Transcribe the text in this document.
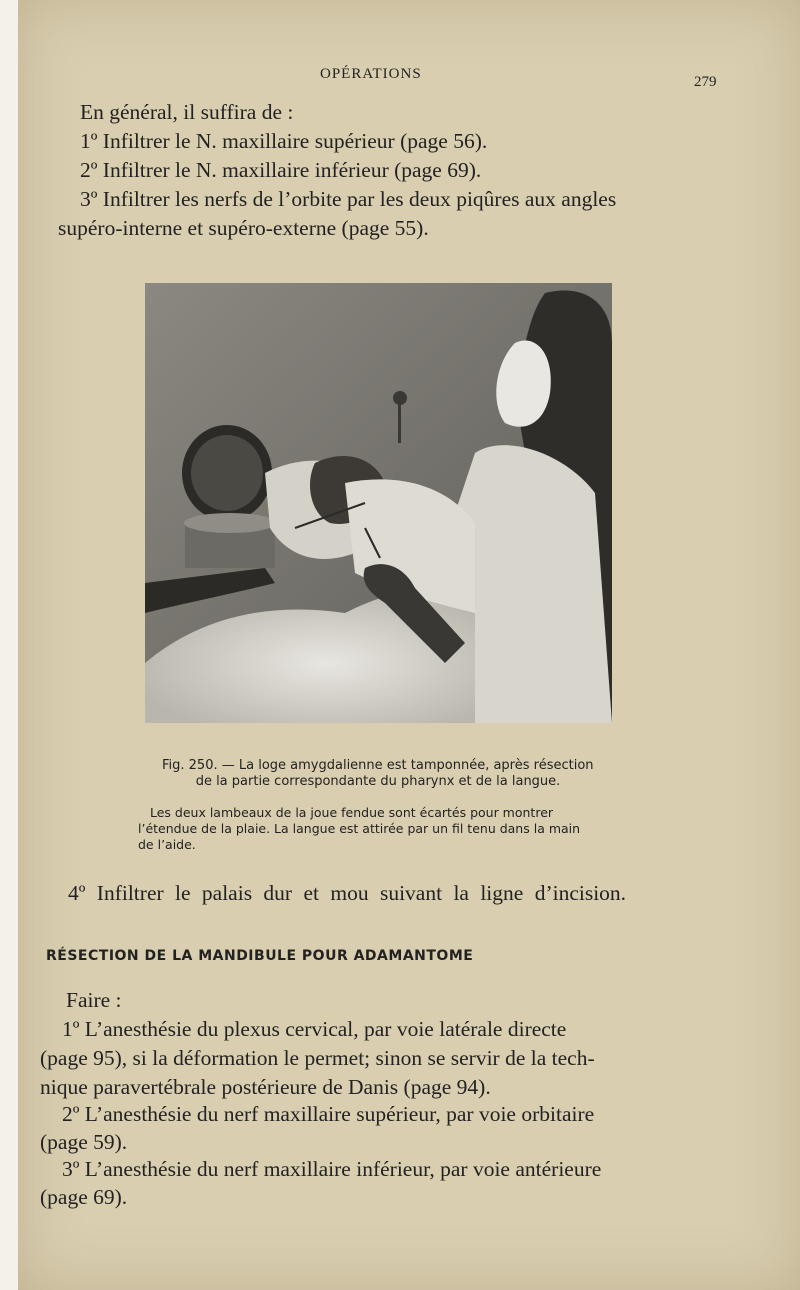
OPÉRATIONS	279
En général, il suffira de :
1º Infiltrer le N. maxillaire supérieur (page 56).
2º Infiltrer le N. maxillaire inférieur (page 69).
3º Infiltrer les nerfs de l’orbite par les deux piqûres aux angles
supéro-interne et supéro-externe (page 55).
Fig. 250. — La loge amygdalienne est tamponnée, après résection
de la partie correspondante du pharynx et de la langue.
Les deux lambeaux de la joue fendue sont écartés pour montrer
l’étendue de la plaie. La langue est attirée par un fil tenu dans la main
de l’aide.
4º Infiltrer le palais dur et mou suivant la ligne d’incision.
RÉSECTION DE LA MANDIBULE POUR ADAMANTOME
Faire :
1º L’anesthésie du plexus cervical, par voie latérale directe
(page 95), si la déformation le permet; sinon se servir de la tech-
nique paravertébrale postérieure de Danis (page 94).
2º L’anesthésie du nerf maxillaire supérieur, par voie orbitaire
(page 59).
3º L’anesthésie du nerf maxillaire inférieur, par voie antérieure
(page 69).
